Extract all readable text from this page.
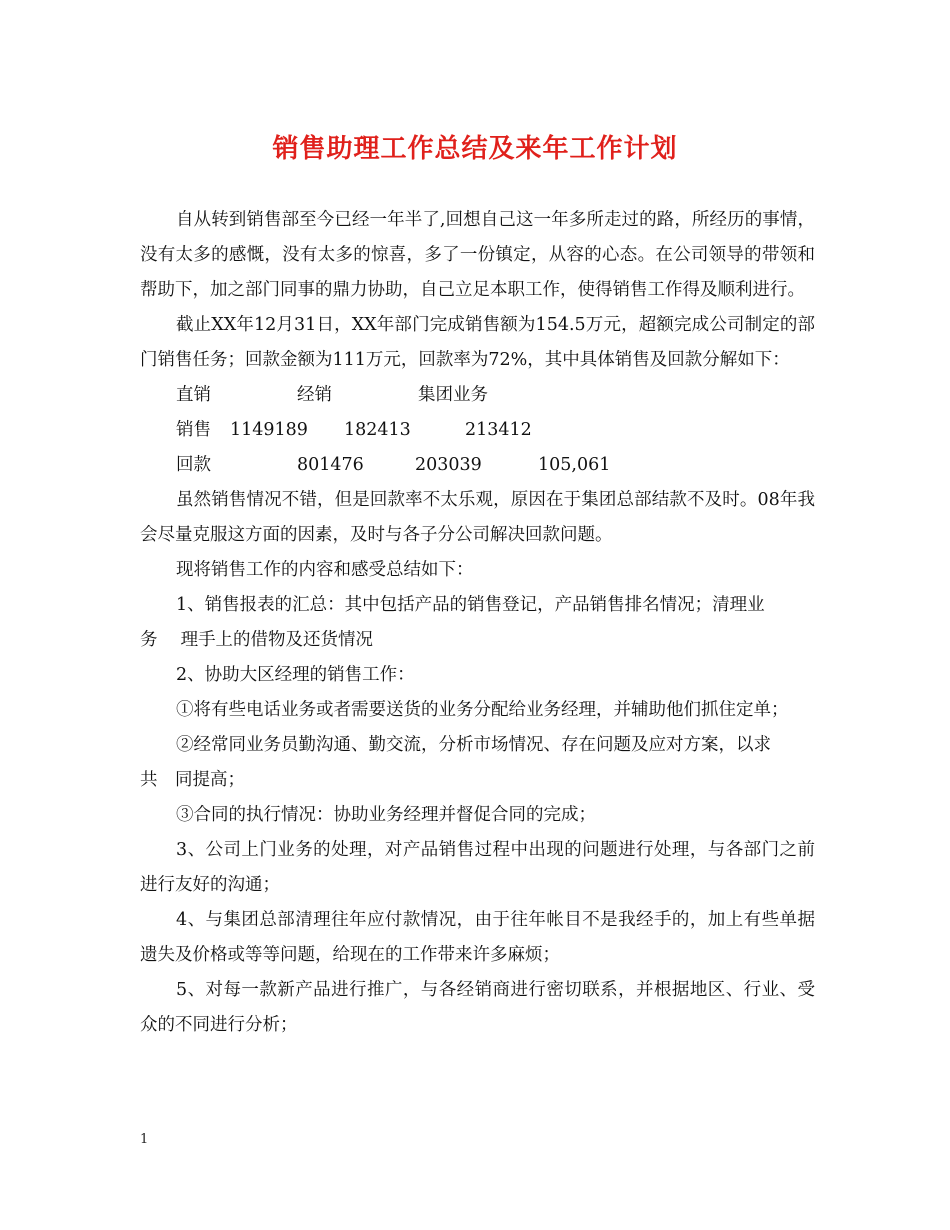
销售助理工作总结及来年工作计划

自从转到销售部至今已经一年半了,回想自己这一年多所走过的路，所经历的事情，没有太多的感慨，没有太多的惊喜，多了一份镇定，从容的心态。在公司领导的带领和帮助下，加之部门同事的鼎力协助，自己立足本职工作，使得销售工作得及顺利进行。

截止XX年12月31日，XX年部门完成销售额为154.5万元，超额完成公司制定的部门销售任务；回款金额为111万元，回款率为72%，其中具体销售及回款分解如下：

直销	经销	集团业务
销售 1149189 182413	213412
回款	801476	203039	105,061

虽然销售情况不错，但是回款率不太乐观，原因在于集团总部结款不及时。08年我会尽量克服这方面的因素，及时与各子分公司解决回款问题。

现将销售工作的内容和感受总结如下：

1、销售报表的汇总：其中包括产品的销售登记，产品销售排名情况；清理业

务　 理手上的借物及还货情况

2、协助大区经理的销售工作：

①将有些电话业务或者需要送货的业务分配给业务经理，并辅助他们抓住定单；

②经常同业务员勤沟通、勤交流，分析市场情况、存在问题及应对方案，以求

共　同提高；

③合同的执行情况：协助业务经理并督促合同的完成；

3、公司上门业务的处理，对产品销售过程中出现的问题进行处理，与各部门之前进行友好的沟通；

4、与集团总部清理往年应付款情况，由于往年帐目不是我经手的，加上有些单据遗失及价格或等等问题，给现在的工作带来许多麻烦；

5、对每一款新产品进行推广，与各经销商进行密切联系，并根据地区、行业、受众的不同进行分析；

1
